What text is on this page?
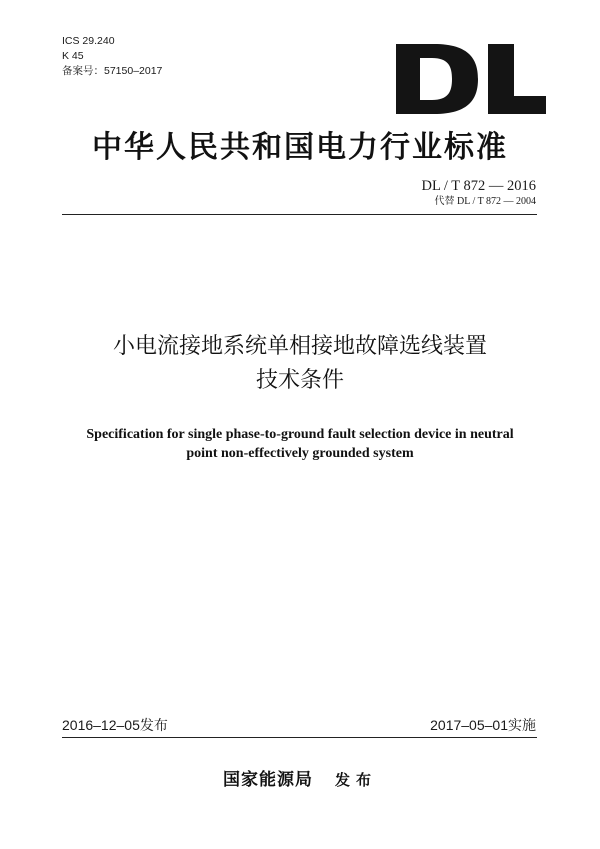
ICS 29.240
K 45
备案号：57150–2017
中华人民共和国电力行业标准
DL / T 872 — 2016
代替 DL / T 872 — 2004
小电流接地系统单相接地故障选线装置
技术条件
Specification for single phase-to-ground fault selection device in neutral
point non-effectively grounded system
2016–12–05发布	2017–05–01实施
国家能源局 发布
